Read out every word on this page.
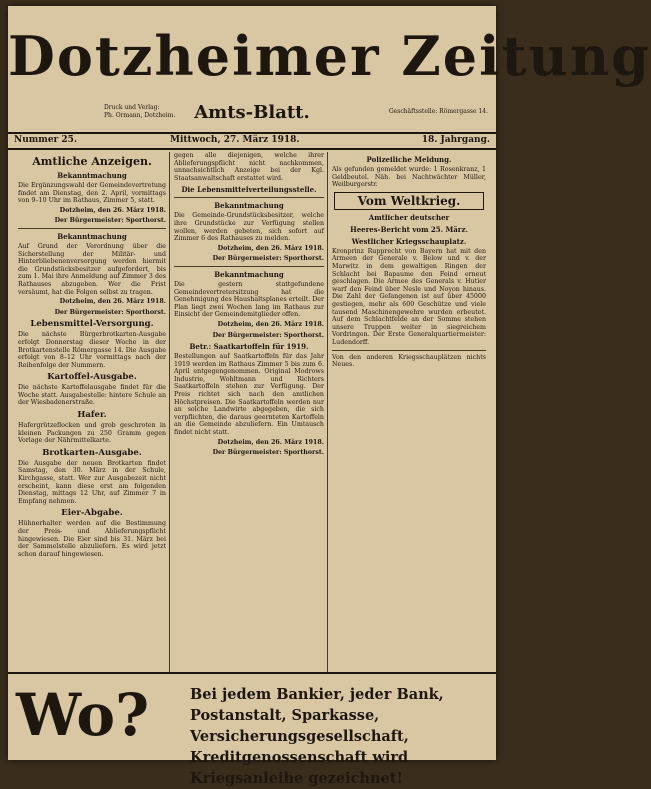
Dotzheimer Zeitung
Druck und Verlag:
Ph. Ormann, Dotzheim.	Amts-Blatt.	Geschäftsstelle: Römergasse 14.
Nummer 25.	Mittwoch, 27. März 1918.	18. Jahrgang.
Amtliche Anzeigen.
Bekanntmachung

Die Ergänzungswahl der Gemeindevertretung findet am Dienstag, den 2. April, vormittags von 9–10 Uhr im Rathaus, Zimmer 5, statt.

Dotzheim, den 26. März 1918.
Der Bürgermeister: Sporthorst.
Bekanntmachung

Auf Grund der Verordnung über die Sicherstellung der Militär- und Hinterbliebenenversorgung werden hiermit die Grundstücksbesitzer aufgefordert, bis zum 1. Mai ihre Anmeldung auf Zimmer 3 des Rathauses abzugeben. Wer die Frist versäumt, hat die Folgen selbst zu tragen.

Dotzheim, den 26. März 1918.
Der Bürgermeister: Sporthorst.
Lebensmittel-Versorgung.

Die nächste Bürgerbrotkarten-Ausgabe erfolgt Donnerstag dieser Woche in der Brotkartenstelle Römergasse 14. Die Ausgabe erfolgt von 8–12 Uhr vormittags nach der Reihenfolge der Nummern.

Kartoffel-Ausgabe.

Die nächste Kartoffelausgabe findet für die Woche statt. Ausgabestelle: hintere Schule an der Wiesbadenerstraße.

Hafer.

Hafergrützeflocken und grob geschroten in kleinen Packungen zu 250 Gramm gegen Vorlage der Nährmittelkarte.

Brotkarten-Ausgabe.

Die Ausgabe der neuen Brotkarten findet Samstag, den 30. März in der Schule, Kirchgasse, statt. Wer zur Ausgabezeit nicht erscheint, kann diese erst am folgenden Dienstag, mittags 12 Uhr, auf Zimmer 7 in Empfang nehmen.

Eier-Abgabe.

Hühnerhalter werden auf die Bestimmung der Preis- und Ablieferungspflicht hingewiesen. Die Eier sind bis 31. März bei der Sammelstelle abzuliefern. Es wird jetzt schon darauf hingewiesen.

gegen alle diejenigen, welche ihrer Ablieferungspflicht nicht nachkommen, unnachsichtlich Anzeige bei der Kgl. Staatsanwaltschaft erstattet wird.

Die Lebensmittelverteilungsstelle.
Bekanntmachung

Die Gemeinde-Grundstücksbesitzer, welche ihre Grundstücke zur Verfügung stellen wollen, werden gebeten, sich sofort auf Zimmer 6 des Rathauses zu melden.

Dotzheim, den 26. März 1918.
Der Bürgermeister: Sporthorst.
Bekanntmachung

Die gestern stattgefundene Gemeindevertretersitzung hat die Genehmigung des Haushaltsplanes erteilt. Der Plan liegt zwei Wochen lang im Rathaus zur Einsicht der Gemeindemitglieder offen.

Dotzheim, den 26. März 1918.
Der Bürgermeister: Sporthorst.
Betr.: Saatkartoffeln für 1919.

Bestellungen auf Saatkartoffeln für das Jahr 1919 werden im Rathaus Zimmer 5 bis zum 6. April entgegengenommen. Original Modrows Industrie, Wohltmann und Richters Saatkartoffeln stehen zur Verfügung. Der Preis richtet sich nach den amtlichen Höchstpreisen. Die Saatkartoffeln werden nur an solche Landwirte abgegeben, die sich verpflichten, die daraus geernteten Kartoffeln an die Gemeinde abzuliefern. Ein Umtausch findet nicht statt.

Dotzheim, den 26. März 1918.
Der Bürgermeister: Sporthorst.
Polizeiliche Meldung.

Als gefunden gemeldet wurde: 1 Rosenkranz, 1 Geldbeutel. Näh. bei Nachtwächter Müller, Weilburgerstr.

Vom Weltkrieg.
Amtlicher deutscher
Heeres-Bericht vom 25. März.
Westlicher Kriegsschauplatz.

Kronprinz Rupprecht von Bayern hat mit den Armeen der Generale v. Below und v. der Marwitz in dem gewaltigen Ringen der Schlacht bei Bapaume den Feind erneut geschlagen. Die Armee des Generals v. Hutier warf den Feind über Nesle und Noyon hinaus. Die Zahl der Gefangenen ist auf über 45000 gestiegen, mehr als 600 Geschütze und viele tausend Maschinengewehre wurden erbeutet. Auf dem Schlachtfelde an der Somme stehen unsere Truppen weiter in siegreichem Vordringen. Der Erste Generalquartiermeister: Ludendorff.

Von den anderen Kriegsschauplätzen nichts Neues.

Wo?	Bei jedem Bankier, jeder Bank, Postanstalt, Sparkasse, Versicherungsgesellschaft, Kreditgenossenschaft wird Kriegsanleihe gezeichnet!
